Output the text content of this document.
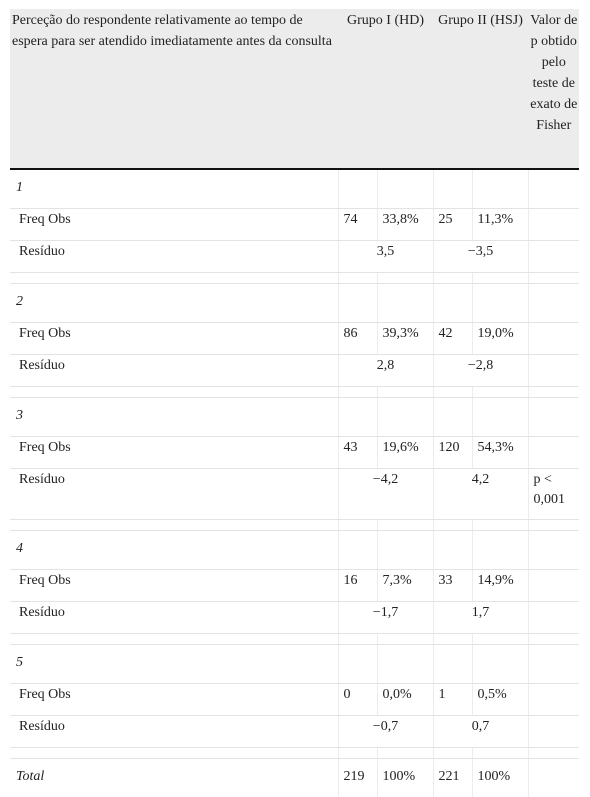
Perceção do respondente relativamente ao tempo de espera para ser atendido imediatamente antes da consulta	Grupo I (HD)		Grupo II (HSJ)		Valor de p obtido pelo teste de exato de Fisher
1					
Freq Obs	74	33,8%	25	11,3%	
Resíduo	3,5		−3,5		

2					
Freq Obs	86	39,3%	42	19,0%	
Resíduo	2,8		−2,8		

3					
Freq Obs	43	19,6%	120	54,3%	
Resíduo	−4,2		4,2		p < 0,001

4					
Freq Obs	16	7,3%	33	14,9%	
Resíduo	−1,7		1,7		

5					
Freq Obs	0	0,0%	1	0,5%	
Resíduo	−0,7		0,7		

Total	219	100%	221	100%	
